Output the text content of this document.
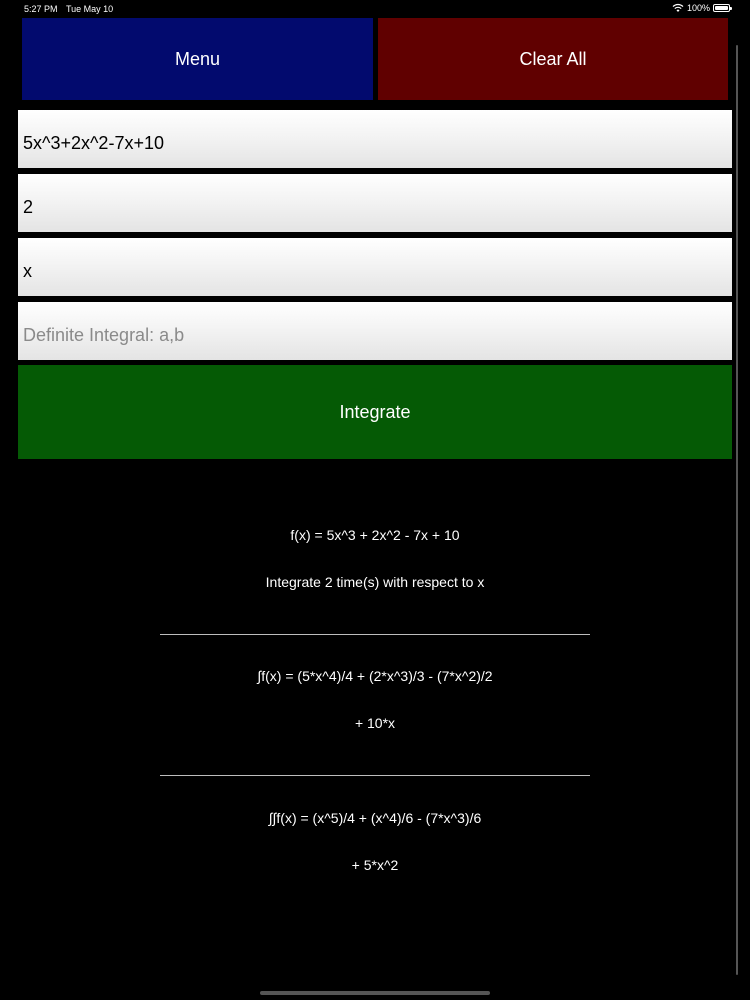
5:27 PM Tue May 10	100%
Menu	Clear All
5x^3+2x^2-7x+10
2
x
Definite Integral: a,b
Integrate
f(x) = 5x^3 + 2x^2 - 7x + 10
Integrate 2 time(s) with respect to x
∫f(x) = (5*x^4)/4 + (2*x^3)/3 - (7*x^2)/2
+ 10*x
∫∫f(x) = (x^5)/4 + (x^4)/6 - (7*x^3)/6
+ 5*x^2
